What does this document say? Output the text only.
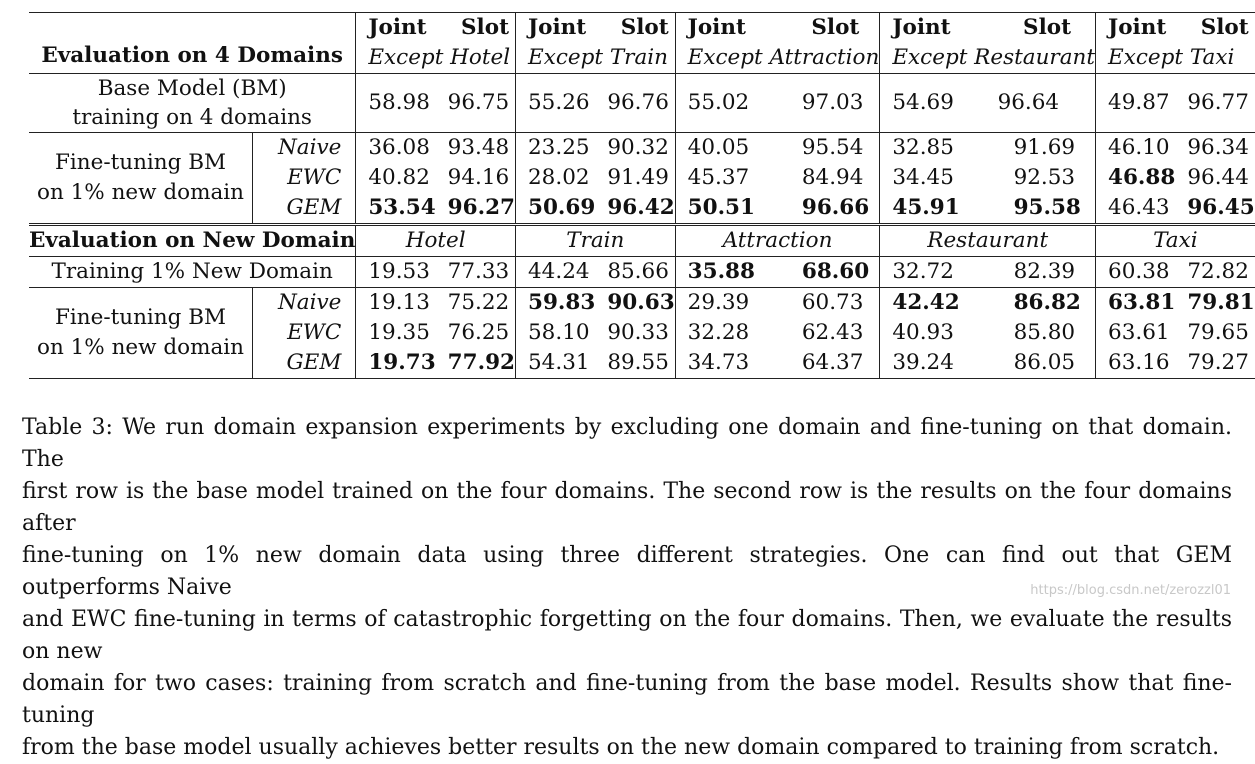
Evaluation on 4 Domains		Joint	Slot	Joint	Slot	Joint	Slot	Joint	Slot	Joint	Slot
		Except Hotel		Except Train		Except Attraction		Except Restaurant		Except Taxi	
Base Model (BM)
training on 4 domains		58.98	96.75	55.26	96.76	55.02	97.03	54.69	96.64	49.87	96.77
Fine-tuning BM
on 1% new domain	Naive	36.08	93.48	23.25	90.32	40.05	95.54	32.85	91.69	46.10	96.34
	EWC	40.82	94.16	28.02	91.49	45.37	84.94	34.45	92.53	46.88	96.44
	GEM	53.54	96.27	50.69	96.42	50.51	96.66	45.91	95.58	46.43	96.45
Evaluation on New Domain		Hotel		Train		Attraction		Restaurant		Taxi	
Training 1% New Domain		19.53	77.33	44.24	85.66	35.88	68.60	32.72	82.39	60.38	72.82
Fine-tuning BM
on 1% new domain	Naive	19.13	75.22	59.83	90.63	29.39	60.73	42.42	86.82	63.81	79.81
	EWC	19.35	76.25	58.10	90.33	32.28	62.43	40.93	85.80	63.61	79.65
	GEM	19.73	77.92	54.31	89.55	34.73	64.37	39.24	86.05	63.16	79.27
Table 3: We run domain expansion experiments by excluding one domain and fine-tuning on that domain. The
first row is the base model trained on the four domains. The second row is the results on the four domains after
fine-tuning on 1% new domain data using three different strategies. One can find out that GEM outperforms Naive
and EWC fine-tuning in terms of catastrophic forgetting on the four domains. Then, we evaluate the results on new
domain for two cases: training from scratch and fine-tuning from the base model. Results show that fine-tuning
from the base model usually achieves better results on the new domain compared to training from scratch.
https://blog.csdn.net/zerozzl01
